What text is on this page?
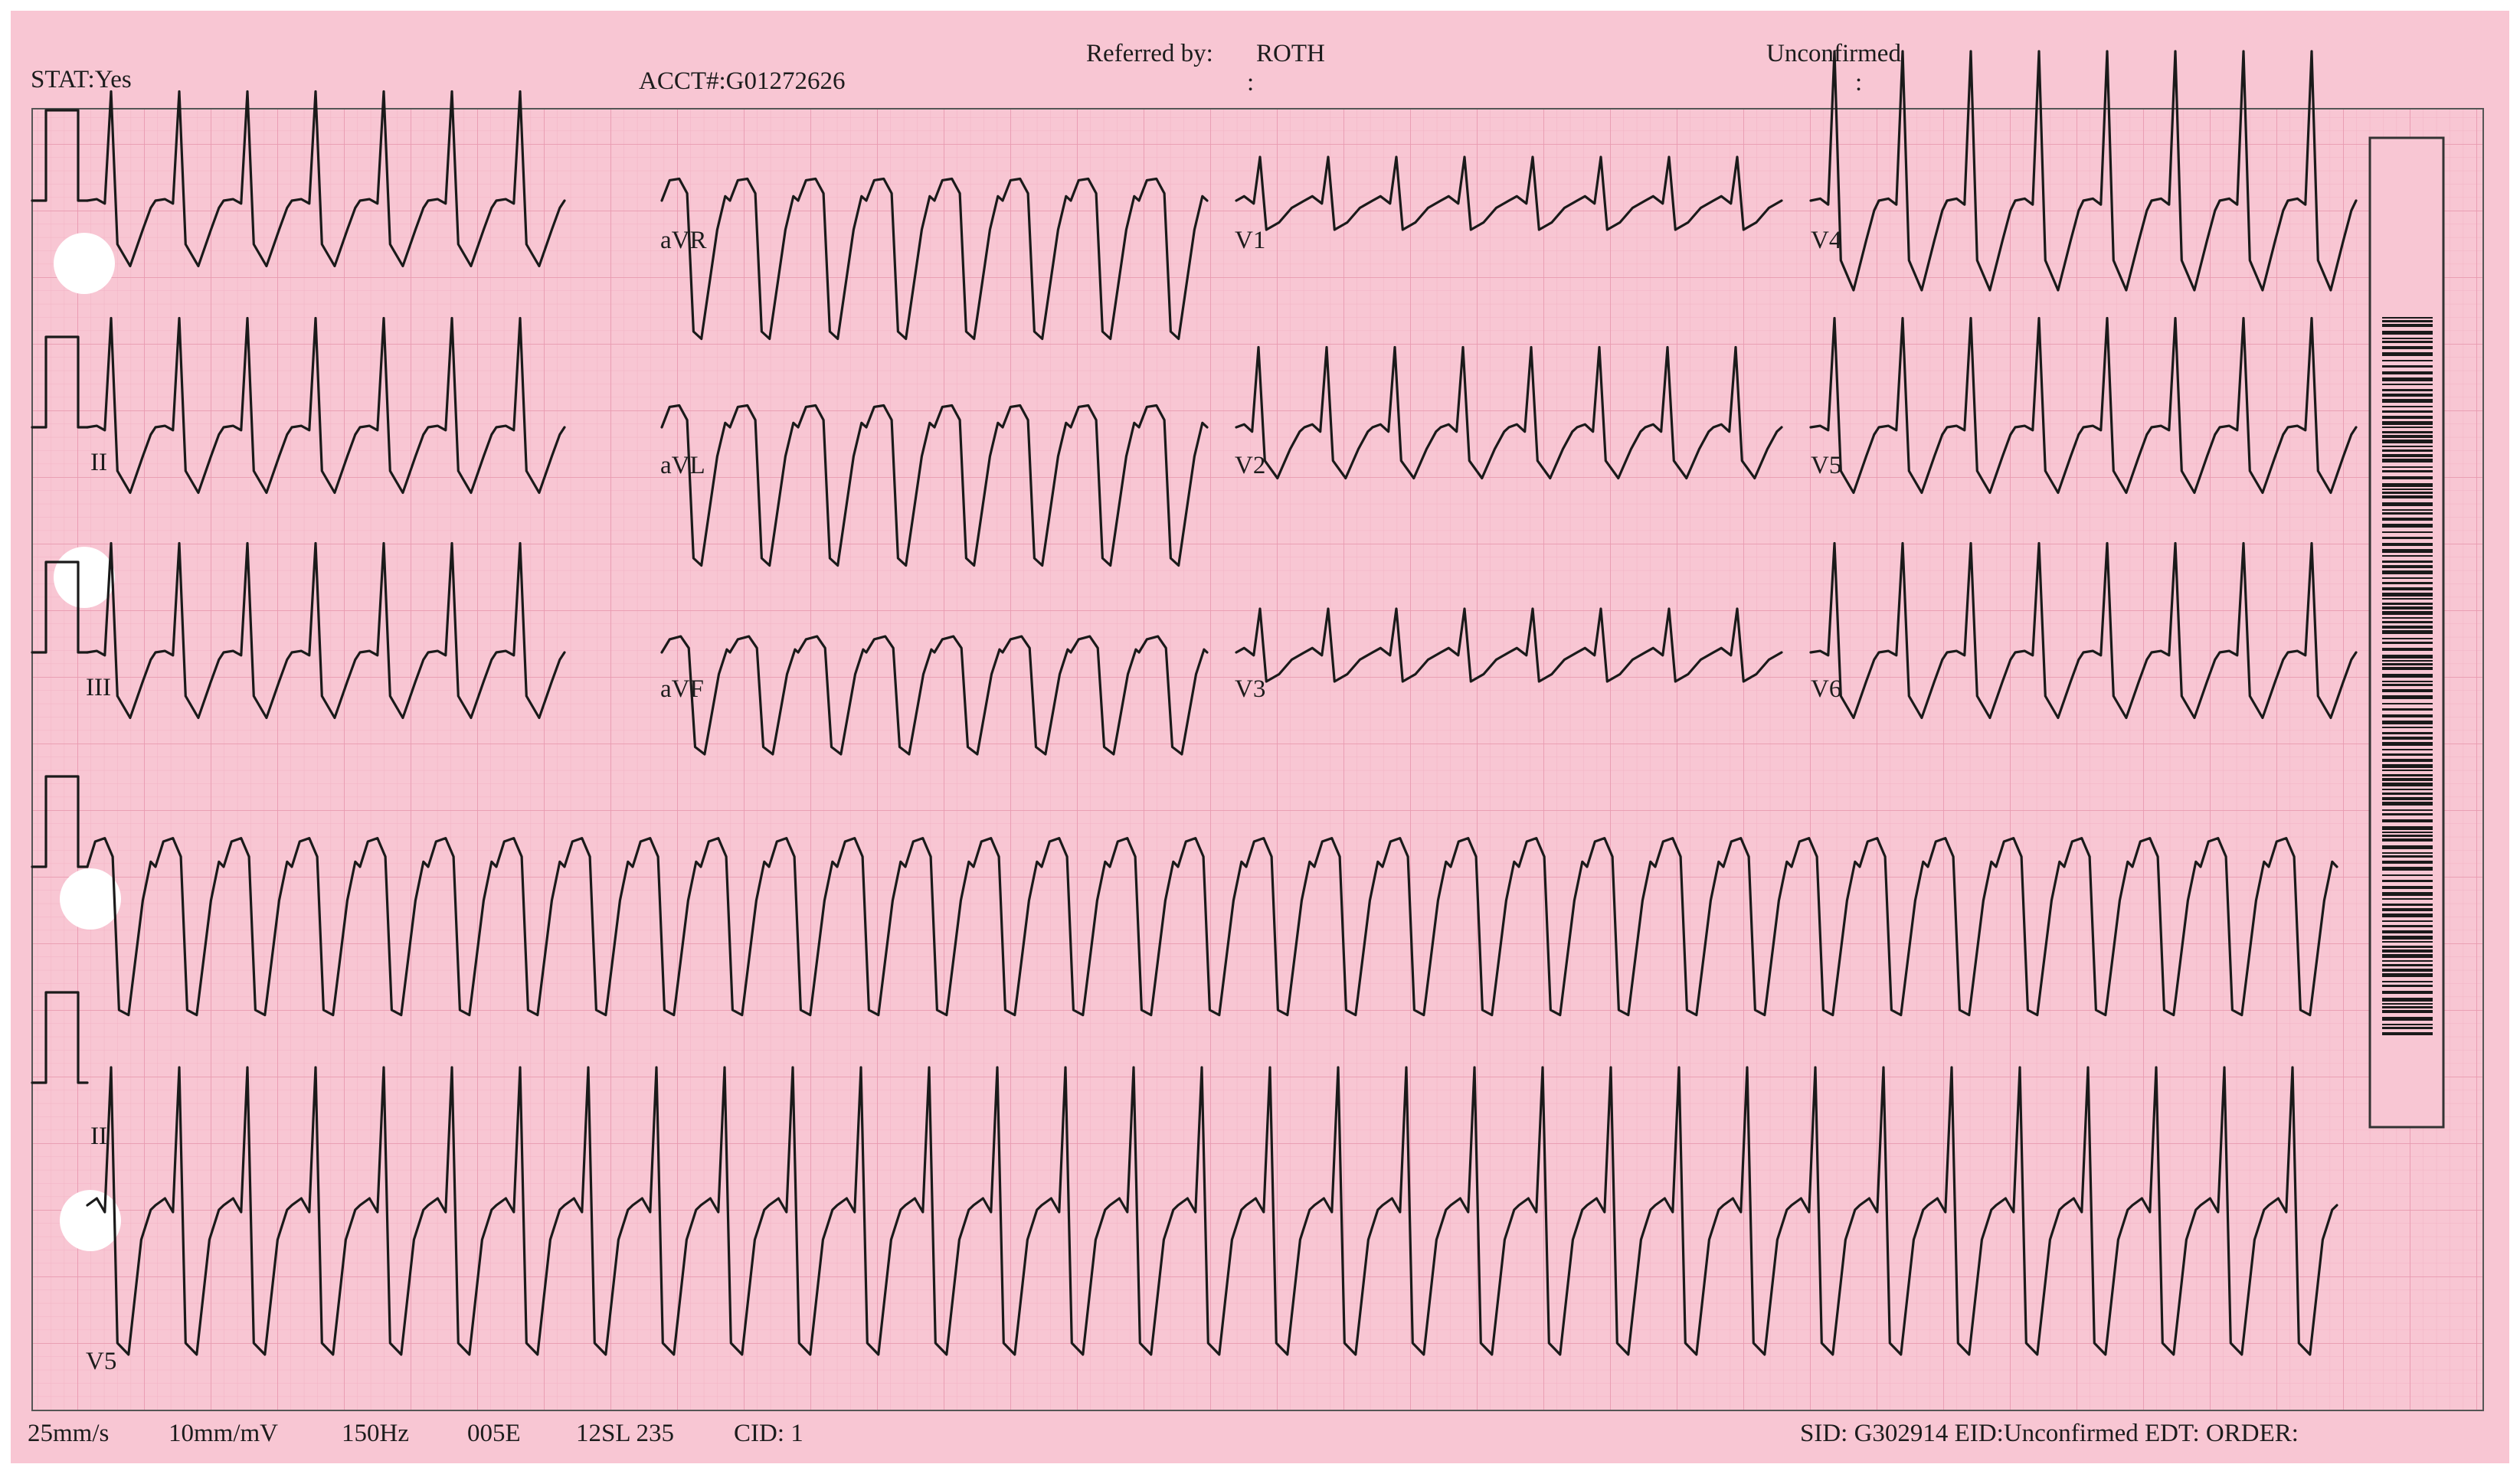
STAT:Yes	ACCT#:G01272626
Referred by: ROTH
:
Unconfirmed
:
II
III
aVR
aVL
aVF
V1
V2
V3
V4
V5
V6
II
V5
25mm/s 10mm/mV	150Hz 005E 12SL 235 CID: 1	SID: G302914 EID:Unconfirmed EDT: ORDER:
